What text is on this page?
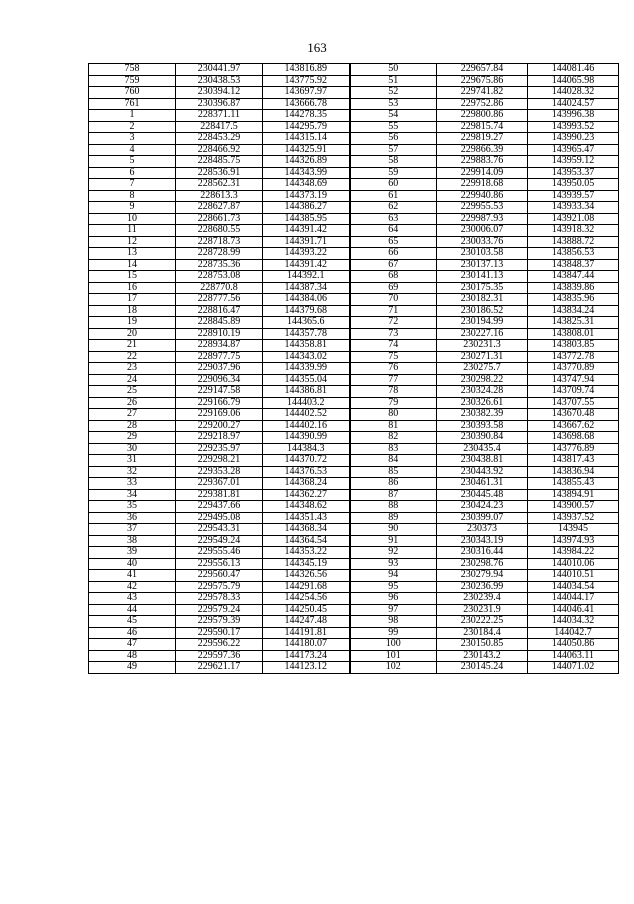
163
758	230441.97	143816.89	50	229657.84	144081.46
759	230438.53	143775.92	51	229675.86	144065.98
760	230394.12	143697.97	52	229741.82	144028.32
761	230396.87	143666.78	53	229752.86	144024.57
1	228371.11	144278.35	54	229800.86	143996.38
2	228417.5	144295.79	55	229815.74	143993.52
3	228453.29	144315.14	56	229819.27	143990.23
4	228466.92	144325.91	57	229866.39	143965.47
5	228485.75	144326.89	58	229883.76	143959.12
6	228536.91	144343.99	59	229914.09	143953.37
7	228562.31	144348.69	60	229918.68	143950.05
8	228613.3	144373.19	61	229940.86	143939.57
9	228627.87	144386.27	62	229955.53	143933.34
10	228661.73	144385.95	63	229987.93	143921.08
11	228680.55	144391.42	64	230006.07	143918.32
12	228718.73	144391.71	65	230033.76	143888.72
13	228728.99	144393.22	66	230103.58	143856.53
14	228735.36	144391.42	67	230137.13	143848.37
15	228753.08	144392.1	68	230141.13	143847.44
16	228770.8	144387.34	69	230175.35	143839.86
17	228777.56	144384.06	70	230182.31	143835.96
18	228816.47	144379.68	71	230186.52	143834.24
19	228845.89	144365.6	72	230194.99	143825.31
20	228910.19	144357.78	73	230227.16	143808.01
21	228934.87	144358.81	74	230231.3	143803.85
22	228977.75	144343.02	75	230271.31	143772.78
23	229037.96	144339.99	76	230275.7	143770.89
24	229096.34	144355.04	77	230298.22	143747.94
25	229147.58	144386.81	78	230324.28	143709.74
26	229166.79	144403.2	79	230326.61	143707.55
27	229169.06	144402.52	80	230382.39	143670.48
28	229200.27	144402.16	81	230393.58	143667.62
29	229218.97	144390.99	82	230390.84	143698.68
30	229235.97	144384.3	83	230435.4	143776.89
31	229298.21	144370.72	84	230438.81	143817.43
32	229353.28	144376.53	85	230443.92	143836.94
33	229367.01	144368.24	86	230461.31	143855.43
34	229381.81	144362.27	87	230445.48	143894.91
35	229437.66	144348.62	88	230424.23	143900.57
36	229495.08	144351.43	89	230399.07	143937.52
37	229543.31	144368.34	90	230373	143945
38	229549.24	144364.54	91	230343.19	143974.93
39	229555.46	144353.22	92	230316.44	143984.22
40	229556.13	144345.19	93	230298.76	144010.06
41	229560.47	144326.56	94	230279.94	144010.51
42	229575.79	144291.68	95	230236.99	144034.54
43	229578.33	144254.56	96	230239.4	144044.17
44	229579.24	144250.45	97	230231.9	144046.41
45	229579.39	144247.48	98	230222.25	144034.32
46	229590.17	144191.81	99	230184.4	144042.7
47	229596.22	144180.07	100	230150.85	144050.86
48	229597.36	144173.24	101	230143.2	144063.11
49	229621.17	144123.12	102	230145.24	144071.02
